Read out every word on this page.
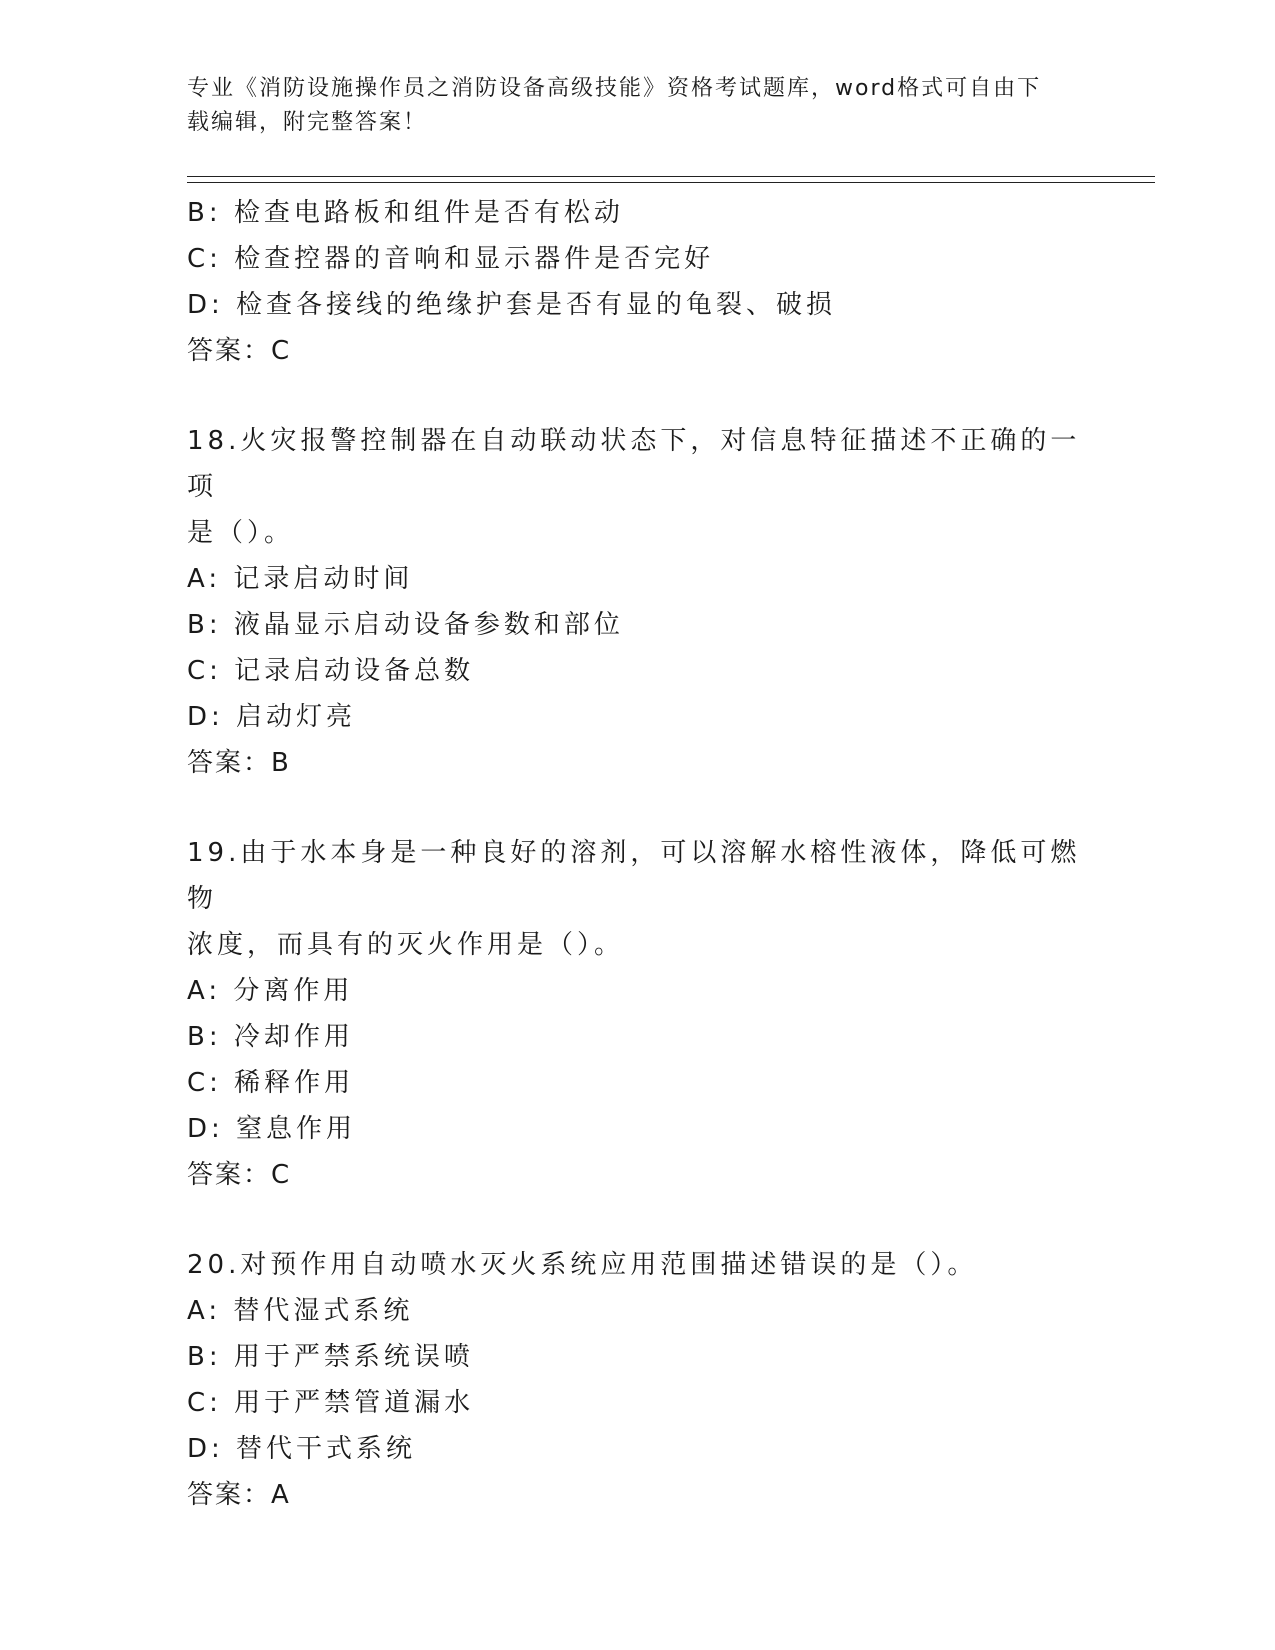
专业《消防设施操作员之消防设备高级技能》资格考试题库，word格式可自由下
载编辑，附完整答案！
B: 检查电路板和组件是否有松动
C: 检查控器的音响和显示器件是否完好
D: 检查各接线的绝缘护套是否有显的龟裂、破损
答案：C
18.火灾报警控制器在自动联动状态下，对信息特征描述不正确的一项
是（）。
A: 记录启动时间
B: 液晶显示启动设备参数和部位
C: 记录启动设备总数
D: 启动灯亮
答案：B
19.由于水本身是一种良好的溶剂，可以溶解水榕性液体，降低可燃物
浓度，而具有的灭火作用是（）。
A: 分离作用
B: 冷却作用
C: 稀释作用
D: 窒息作用
答案：C
20.对预作用自动喷水灭火系统应用范围描述错误的是（）。
A: 替代湿式系统
B: 用于严禁系统误喷
C: 用于严禁管道漏水
D: 替代干式系统
答案：A
